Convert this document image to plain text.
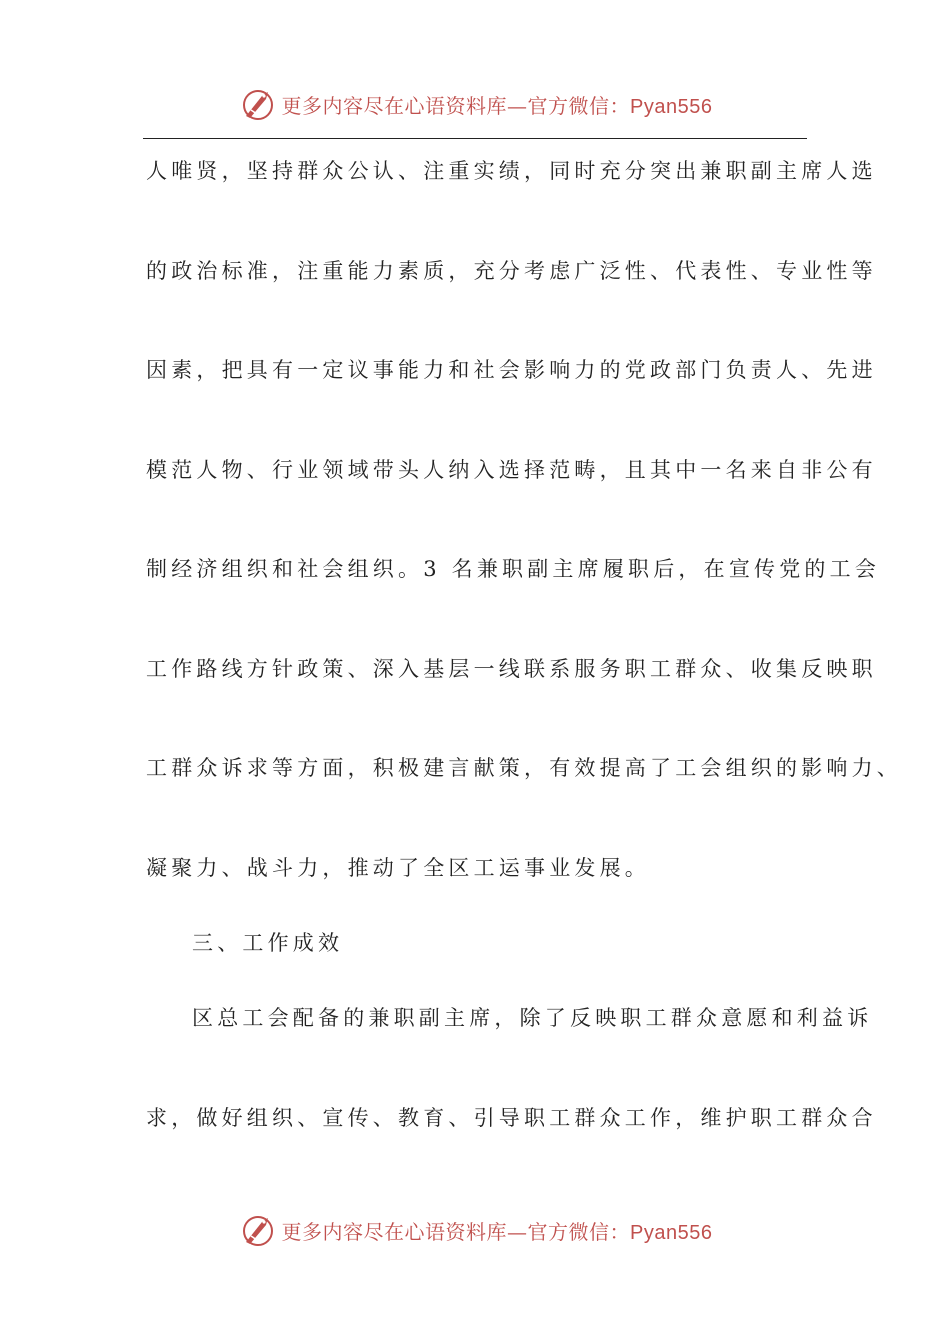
更多内容尽在心语资料库—官方微信：Pyan556
人唯贤，坚持群众公认、注重实绩，同时充分突出兼职副主席人选
的政治标准，注重能力素质，充分考虑广泛性、代表性、专业性等
因素，把具有一定议事能力和社会影响力的党政部门负责人、先进
模范人物、行业领域带头人纳入选择范畴，且其中一名来自非公有
制经济组织和社会组织。3 名兼职副主席履职后，在宣传党的工会
工作路线方针政策、深入基层一线联系服务职工群众、收集反映职
工群众诉求等方面，积极建言献策，有效提高了工会组织的影响力、
凝聚力、战斗力，推动了全区工运事业发展。
三、工作成效
区总工会配备的兼职副主席，除了反映职工群众意愿和利益诉
求，做好组织、宣传、教育、引导职工群众工作，维护职工群众合
更多内容尽在心语资料库—官方微信：Pyan556
